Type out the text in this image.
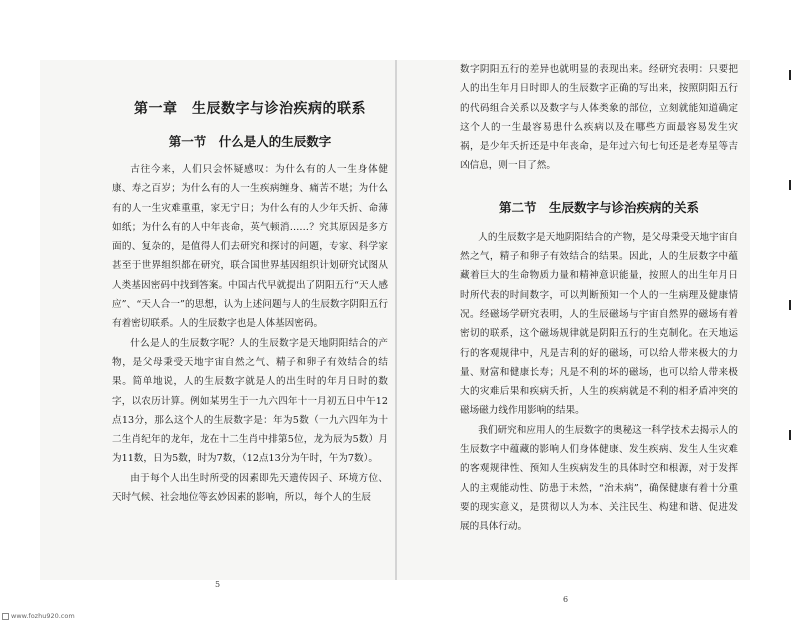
第一章　生辰数字与诊治疾病的联系
第一节　什么是人的生辰数字

古往今来，人们只会怀疑感叹：为什么有的人一生身体健康、寿之百岁；为什么有的人一生疾病缠身、痛苦不堪；为什么有的人一生灾难重重，家无宁日；为什么有的人少年夭折、命薄如纸；为什么有的人中年丧命，英气顿消……？究其原因是多方面的、复杂的，是值得人们去研究和探讨的问题，专家、科学家甚至于世界组织都在研究，联合国世界基因组织计划研究试图从人类基因密码中找到答案。中国古代早就提出了阴阳五行“天人感应”、“天人合一”的思想，认为上述问题与人的生辰数字阴阳五行有着密切联系。人的生辰数字也是人体基因密码。

什么是人的生辰数字呢？人的生辰数字是天地阴阳结合的产物，是父母秉受天地宇宙自然之气、精子和卵子有效结合的结果。简单地说，人的生辰数字就是人的出生时的年月日时的数字，以农历计算。例如某男生于一九六四年十一月初五日中午12点13分，那么这个人的生辰数字是：年为5数（一九六四年为十二生肖纪年的龙年，龙在十二生肖中排第5位，龙为辰为5数）月为11数，日为5数，时为7数，（12点13分为午时，午为7数）。

由于每个人出生时所受的因素即先天遗传因子、环境方位、天时气候、社会地位等玄妙因素的影响，所以，每个人的生辰

数字阴阳五行的差异也就明显的表现出来。经研究表明：只要把人的出生年月日时即人的生辰数字正确的写出来，按照阴阳五行的代码组合关系以及数字与人体类象的部位，立刻就能知道确定这个人的一生最容易患什么疾病以及在哪些方面最容易发生灾祸，是少年夭折还是中年丧命，是年过六旬七旬还是老寿星等吉凶信息，则一目了然。

第二节　生辰数字与诊治疾病的关系

人的生辰数字是天地阴阳结合的产物，是父母秉受天地宇宙自然之气，精子和卵子有效结合的结果。因此，人的生辰数字中蕴藏着巨大的生命物质力量和精神意识能量，按照人的出生年月日时所代表的时间数字，可以判断预知一个人的一生病理及健康情况。经磁场学研究表明，人的生辰磁场与宇宙自然界的磁场有着密切的联系，这个磁场规律就是阴阳五行的生克制化。在天地运行的客观规律中，凡是吉利的好的磁场，可以给人带来极大的力量、财富和健康长寿；凡是不利的坏的磁场，也可以给人带来极大的灾难后果和疾病夭折，人生的疾病就是不利的相矛盾冲突的磁场磁力线作用影响的结果。

我们研究和应用人的生辰数字的奥秘这一科学技术去揭示人的生辰数字中蕴藏的影响人们身体健康、发生疾病、发生人生灾难的客观规律性、预知人生疾病发生的具体时空和根源，对于发挥人的主观能动性、防患于未然，“治未病”，确保健康有着十分重要的现实意义，是贯彻以人为本、关注民生、构建和谐、促进发展的具体行动。

5
6
www.fozhu920.com
